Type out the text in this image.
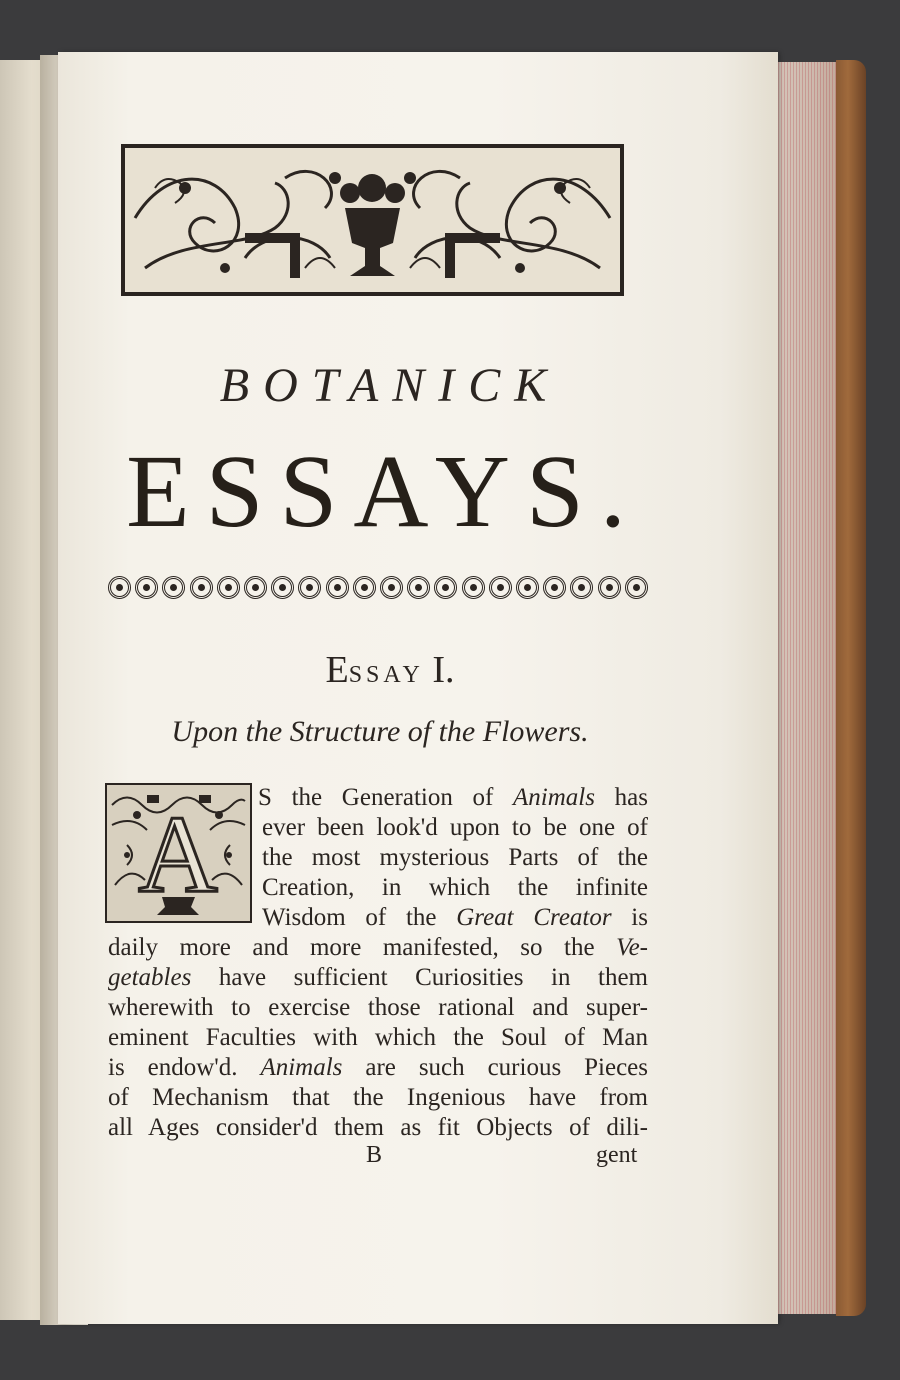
BOTANICK
ESSAYS.
ESSAY I.
Upon the Structure of the Flowers.
A S the Generation of Animals has
ever been look'd upon to be one of
the most mysterious Parts of the
Creation, in which the infinite
Wisdom of the Great Creator is
daily more and more manifested, so the Ve-
getables have sufficient Curiosities in them
wherewith to exercise those rational and super-
eminent Faculties with which the Soul of Man
is endow'd. Animals are such curious Pieces
of Mechanism that the Ingenious have from
all Ages consider'd them as fit Objects of dili-
B	gent
